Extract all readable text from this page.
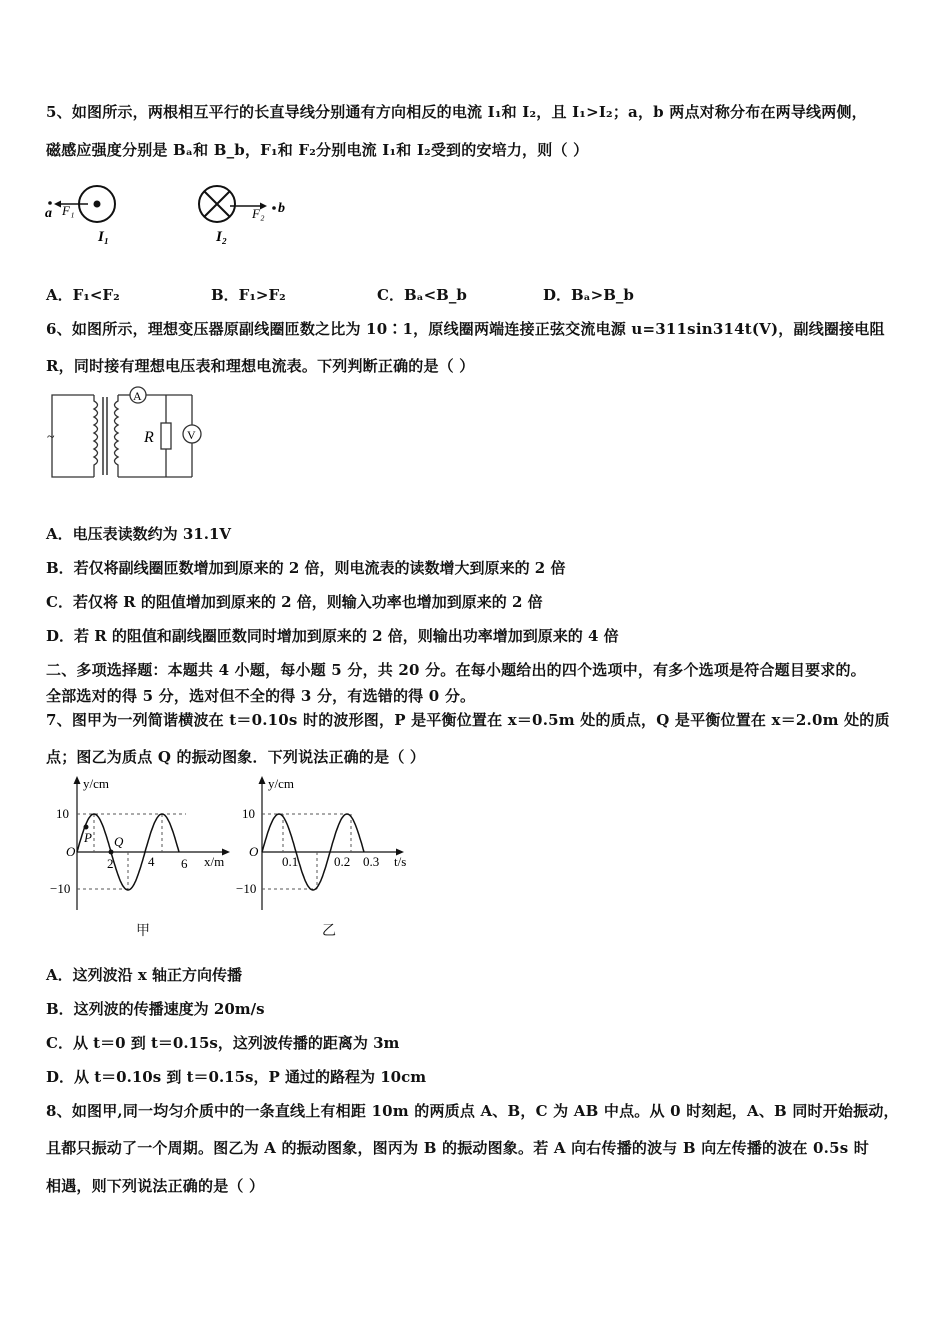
5、如图所示，两根相互平行的长直导线分别通有方向相反的电流 I₁和 I₂，且 I₁>I₂；a，b 两点对称分布在两导线两侧，
磁感应强度分别是 Bₐ和 B_b，F₁和 F₂分别电流 I₁和 I₂受到的安培力，则（ ）
a F₁
I₁	I₂
F₂ b
A．F₁<F₂	B．F₁>F₂	C．Bₐ<B_b	D．Bₐ>B_b
6、如图所示，理想变压器原副线圈匝数之比为 10∶1，原线圈两端连接正弦交流电源 u=311sin314t(V)，副线圈接电阻
R，同时接有理想电压表和理想电流表。下列判断正确的是（ ）
~
A
R	V
A．电压表读数约为 31.1V
B．若仅将副线圈匝数增加到原来的 2 倍，则电流表的读数增大到原来的 2 倍
C．若仅将 R 的阻值增加到原来的 2 倍，则输入功率也增加到原来的 2 倍
D．若 R 的阻值和副线圈匝数同时增加到原来的 2 倍，则输出功率增加到原来的 4 倍
二、多项选择题：本题共 4 小题，每小题 5 分，共 20 分。在每小题给出的四个选项中，有多个选项是符合题目要求的。
全部选对的得 5 分，选对但不全的得 3 分，有选错的得 0 分。
7、图甲为一列简谐横波在 t＝0.10s 时的波形图，P 是平衡位置在 x＝0.5m 处的质点，Q 是平衡位置在 x＝2.0m 处的质
点；图乙为质点 Q 的振动图象．下列说法正确的是（ ）
y/cm
x/m
O
10
−10
2	4 6
P Q
甲
y/cm
t/s
O
10
−10
0.1	0.2 0.3
乙
A．这列波沿 x 轴正方向传播
B．这列波的传播速度为 20m/s
C．从 t＝0 到 t＝0.15s，这列波传播的距离为 3m
D．从 t＝0.10s 到 t＝0.15s，P 通过的路程为 10cm
8、如图甲,同一均匀介质中的一条直线上有相距 10m 的两质点 A、B，C 为 AB 中点。从 0 时刻起，A、B 同时开始振动，
且都只振动了一个周期。图乙为 A 的振动图象，图丙为 B 的振动图象。若 A 向右传播的波与 B 向左传播的波在 0.5s 时
相遇，则下列说法正确的是（ ）
